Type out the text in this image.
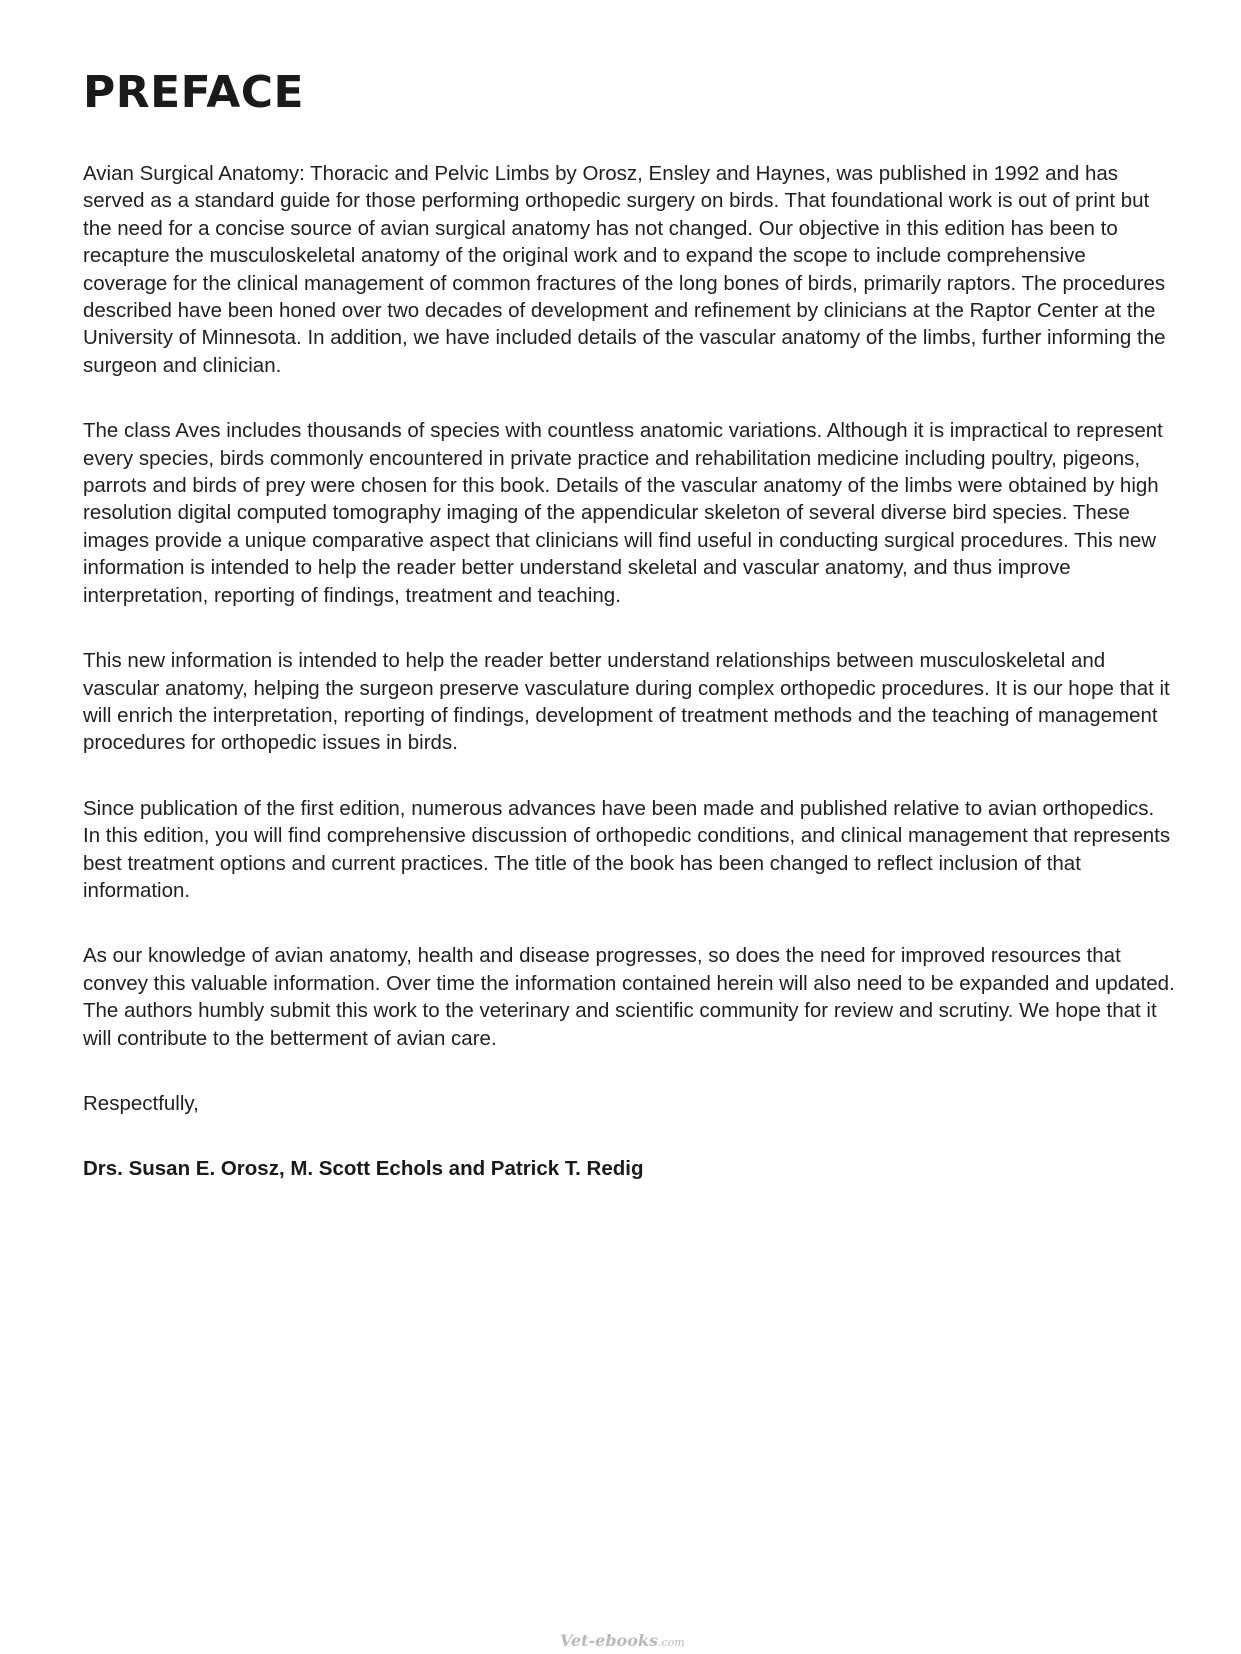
PREFACE

Avian Surgical Anatomy: Thoracic and Pelvic Limbs by Orosz, Ensley and Haynes, was published in 1992 and has served as a standard guide for those performing orthopedic surgery on birds. That foundational work is out of print but the need for a concise source of avian surgical anatomy has not changed. Our objective in this edition has been to recapture the musculoskeletal anatomy of the original work and to expand the scope to include comprehensive coverage for the clinical management of common fractures of the long bones of birds, primarily raptors. The procedures described have been honed over two decades of development and refinement by clinicians at the Raptor Center at the University of Minnesota. In addition, we have included details of the vascular anatomy of the limbs, further informing the surgeon and clinician.

The class Aves includes thousands of species with countless anatomic variations. Although it is impractical to represent every species, birds commonly encountered in private practice and rehabilitation medicine including poultry, pigeons, parrots and birds of prey were chosen for this book. Details of the vascular anatomy of the limbs were obtained by high resolution digital computed tomography imaging of the appendicular skeleton of several diverse bird species. These images provide a unique comparative aspect that clinicians will find useful in conducting surgical procedures. This new information is intended to help the reader better understand skeletal and vascular anatomy, and thus improve interpretation, reporting of findings, treatment and teaching.

This new information is intended to help the reader better understand relationships between musculoskeletal and vascular anatomy, helping the surgeon preserve vasculature during complex orthopedic procedures. It is our hope that it will enrich the interpretation, reporting of findings, development of treatment methods and the teaching of management procedures for orthopedic issues in birds.

Since publication of the first edition, numerous advances have been made and published relative to avian orthopedics. In this edition, you will find comprehensive discussion of orthopedic conditions, and clinical management that represents best treatment options and current practices. The title of the book has been changed to reflect inclusion of that information.

As our knowledge of avian anatomy, health and disease progresses, so does the need for improved resources that convey this valuable information. Over time the information contained herein will also need to be expanded and updated. The authors humbly submit this work to the veterinary and scientific community for review and scrutiny. We hope that it will contribute to the betterment of avian care.

Respectfully,

Drs. Susan E. Orosz, M. Scott Echols and Patrick T. Redig

Vet-ebooks.com
